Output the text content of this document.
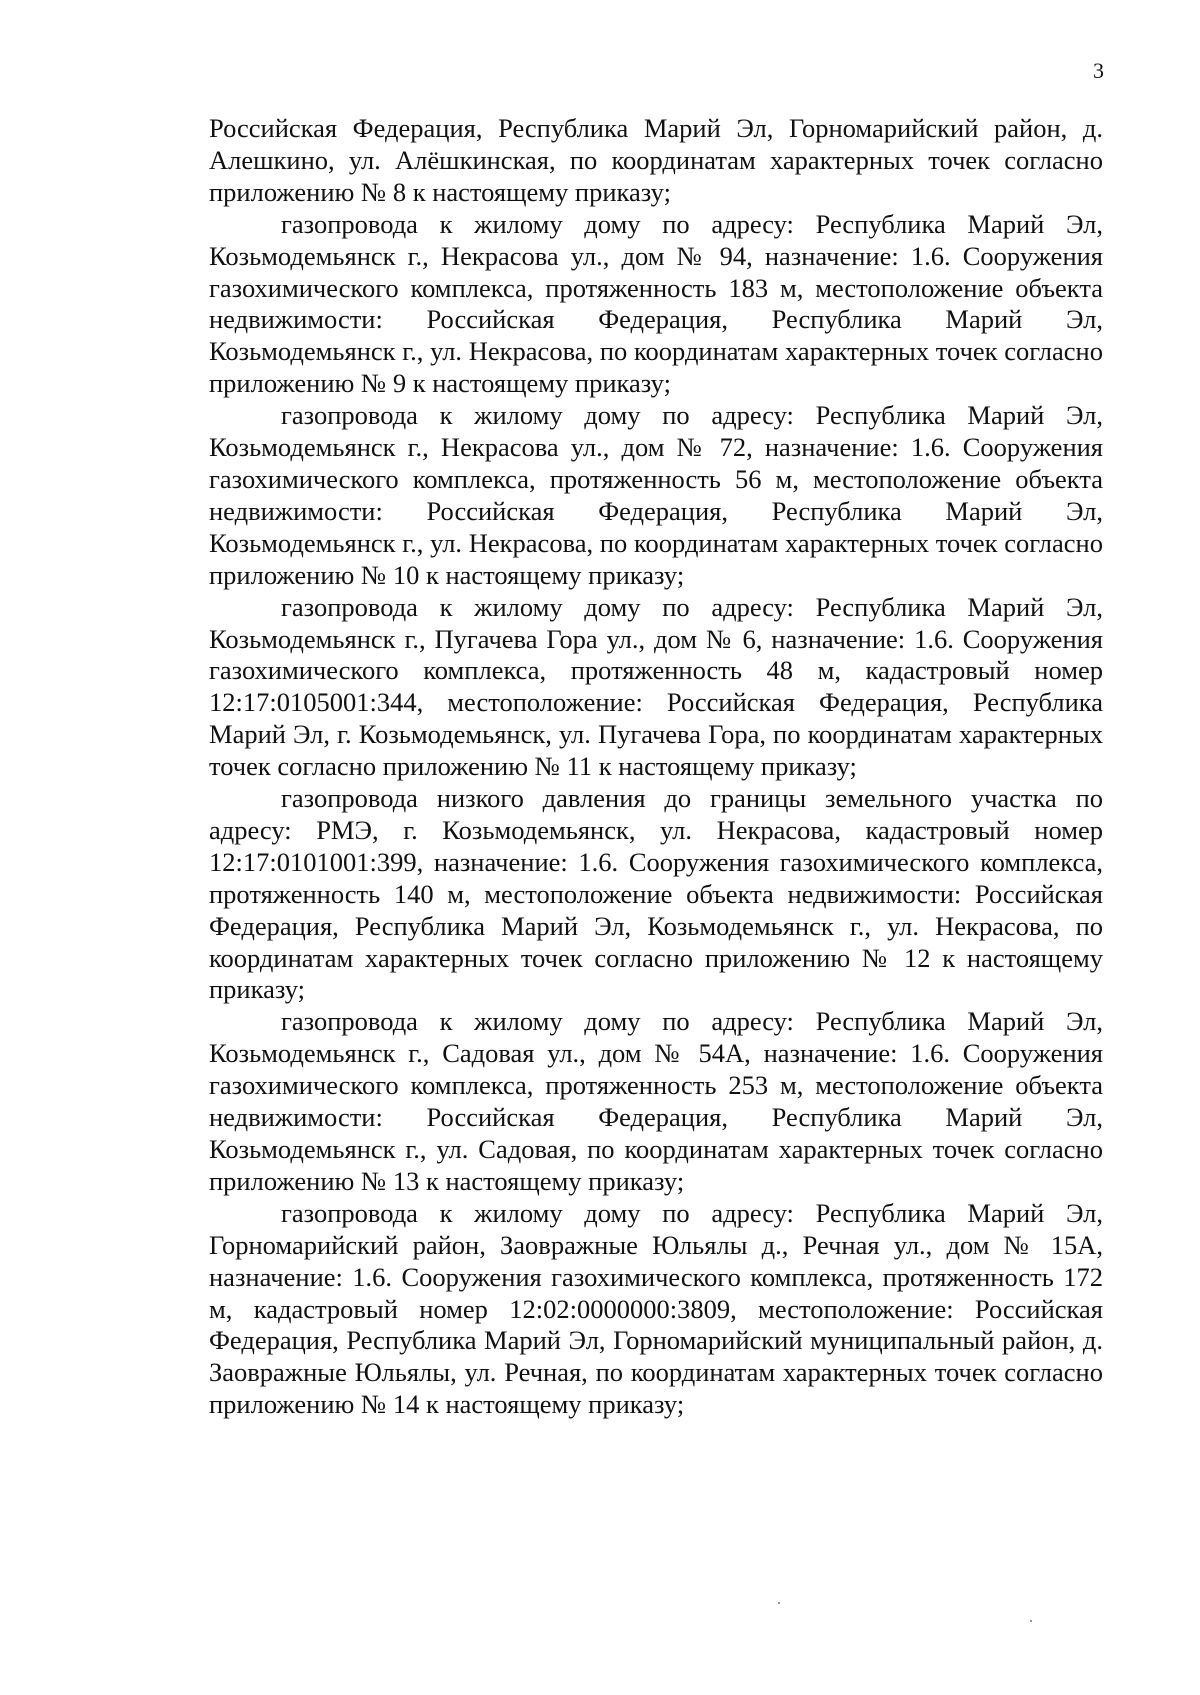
3

Российская Федерация, Республика Марий Эл, Горномарийский район, д. Алешкино, ул. Алёшкинская, по координатам характерных точек согласно приложению № 8 к настоящему приказу;

газопровода к жилому дому по адресу: Республика Марий Эл, Козьмодемьянск г., Некрасова ул., дом № 94, назначение: 1.6. Сооружения газохимического комплекса, протяженность 183 м, местоположение объекта недвижимости: Российская Федерация, Республика Марий Эл, Козьмодемьянск г., ул. Некрасова, по координатам характерных точек согласно приложению № 9 к настоящему приказу;

газопровода к жилому дому по адресу: Республика Марий Эл, Козьмодемьянск г., Некрасова ул., дом № 72, назначение: 1.6. Сооружения газохимического комплекса, протяженность 56 м, местоположение объекта недвижимости: Российская Федерация, Республика Марий Эл, Козьмодемьянск г., ул. Некрасова, по координатам характерных точек согласно приложению № 10 к настоящему приказу;

газопровода к жилому дому по адресу: Республика Марий Эл, Козьмодемьянск г., Пугачева Гора ул., дом № 6, назначение: 1.6. Сооружения газохимического комплекса, протяженность 48 м, кадастровый номер 12:17:0105001:344, местоположение: Российская Федерация, Республика Марий Эл, г. Козьмодемьянск, ул. Пугачева Гора, по координатам характерных точек согласно приложению № 11 к настоящему приказу;

газопровода низкого давления до границы земельного участка по адресу: РМЭ, г. Козьмодемьянск, ул. Некрасова, кадастровый номер 12:17:0101001:399, назначение: 1.6. Сооружения газохимического комплекса, протяженность 140 м, местоположение объекта недвижимости: Российская Федерация, Республика Марий Эл, Козьмодемьянск г., ул. Некрасова, по координатам характерных точек согласно приложению № 12 к настоящему приказу;

газопровода к жилому дому по адресу: Республика Марий Эл, Козьмодемьянск г., Садовая ул., дом № 54А, назначение: 1.6. Сооружения газохимического комплекса, протяженность 253 м, местоположение объекта недвижимости: Российская Федерация, Республика Марий Эл, Козьмодемьянск г., ул. Садовая, по координатам характерных точек согласно приложению № 13 к настоящему приказу;

газопровода к жилому дому по адресу: Республика Марий Эл, Горномарийский район, Заовражные Юльялы д., Речная ул., дом № 15А, назначение: 1.6. Сооружения газохимического комплекса, протяженность 172 м, кадастровый номер 12:02:0000000:3809, местоположение: Российская Федерация, Республика Марий Эл, Горномарийский муниципальный район, д. Заовражные Юльялы, ул. Речная, по координатам характерных точек согласно приложению № 14 к настоящему приказу;
